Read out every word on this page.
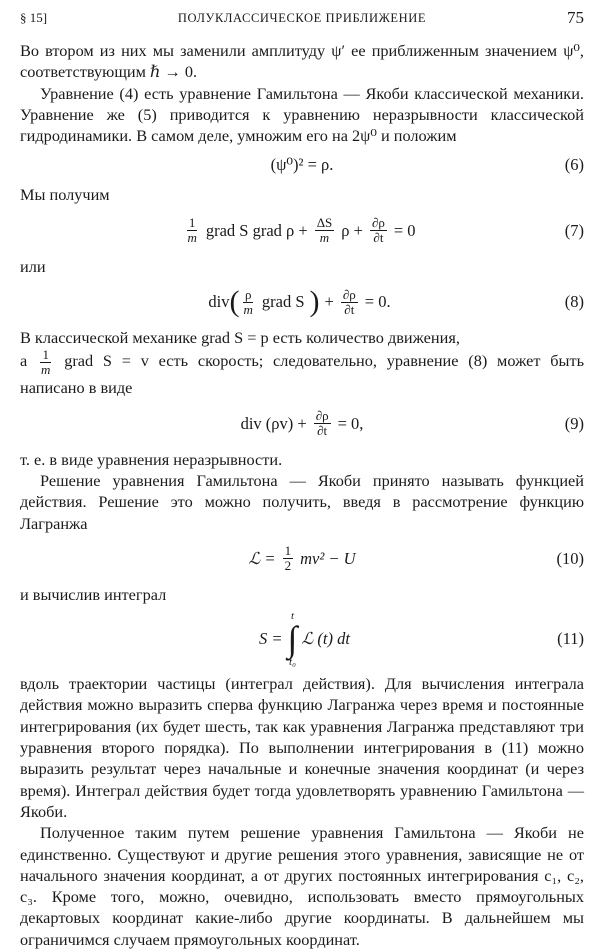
§ 15]	ПОЛУКЛАССИЧЕСКОЕ ПРИБЛИЖЕНИЕ	75

Во втором из них мы заменили амплитуду ψ′ ее приближенным значением ψ⁰, соответствующим ℏ → 0.

Уравнение (4) есть уравнение Гамильтона — Якоби классической механики. Уравнение же (5) приводится к уравнению неразрывности классической гидродинамики. В самом деле, умножим его на 2ψ⁰ и положим

(ψ⁰)² = ρ.	(6)

Мы получим

$\frac{1}{m}$ grad S grad $\rho + \frac{\Delta S}{m}$ $\rho + \frac{\partial\rho}{\partial t} = 0$	(7)

или

div ( $\frac{\rho}{m}$ grad S ) + $\frac{\partial\rho}{\partial t} = 0$.	(8)

В классической механике grad S = p есть количество движения,

а $\frac{1}{m}$ grad S = v есть скорость; следовательно, уравнение (8) может быть написано в виде

div $(\rho v) + \frac{\partial\rho}{\partial t} = 0$,	(9)

т. е. в виде уравнения неразрывности.

Решение уравнения Гамильтона — Якоби принято называть функцией действия. Решение это можно получить, введя в рассмотрение функцию Лагранжа

ℒ = $\frac{1}{2} mv^2 - U$	(10)

и вычислив интеграл

S =
t
∫
t₀
ℒ (t) dt	(11)

вдоль траектории частицы (интеграл действия). Для вычисления интеграла действия можно выразить сперва функцию Лагранжа через время и постоянные интегрирования (их будет шесть, так как уравнения Лагранжа представляют три уравнения второго порядка). По выполнении интегрирования в (11) можно выразить результат через начальные и конечные значения координат (и через время). Интеграл действия будет тогда удовлетворять уравнению Гамильтона — Якоби.

Полученное таким путем решение уравнения Гамильтона — Якоби не единственно. Существуют и другие решения этого уравнения, зависящие не от начального значения координат, а от других постоянных интегрирования c₁, c₂, c₃. Кроме того, можно, очевидно, использовать вместо прямоугольных декартовых координат какие-либо другие координаты. В дальнейшем мы ограничимся случаем прямоугольных координат.
